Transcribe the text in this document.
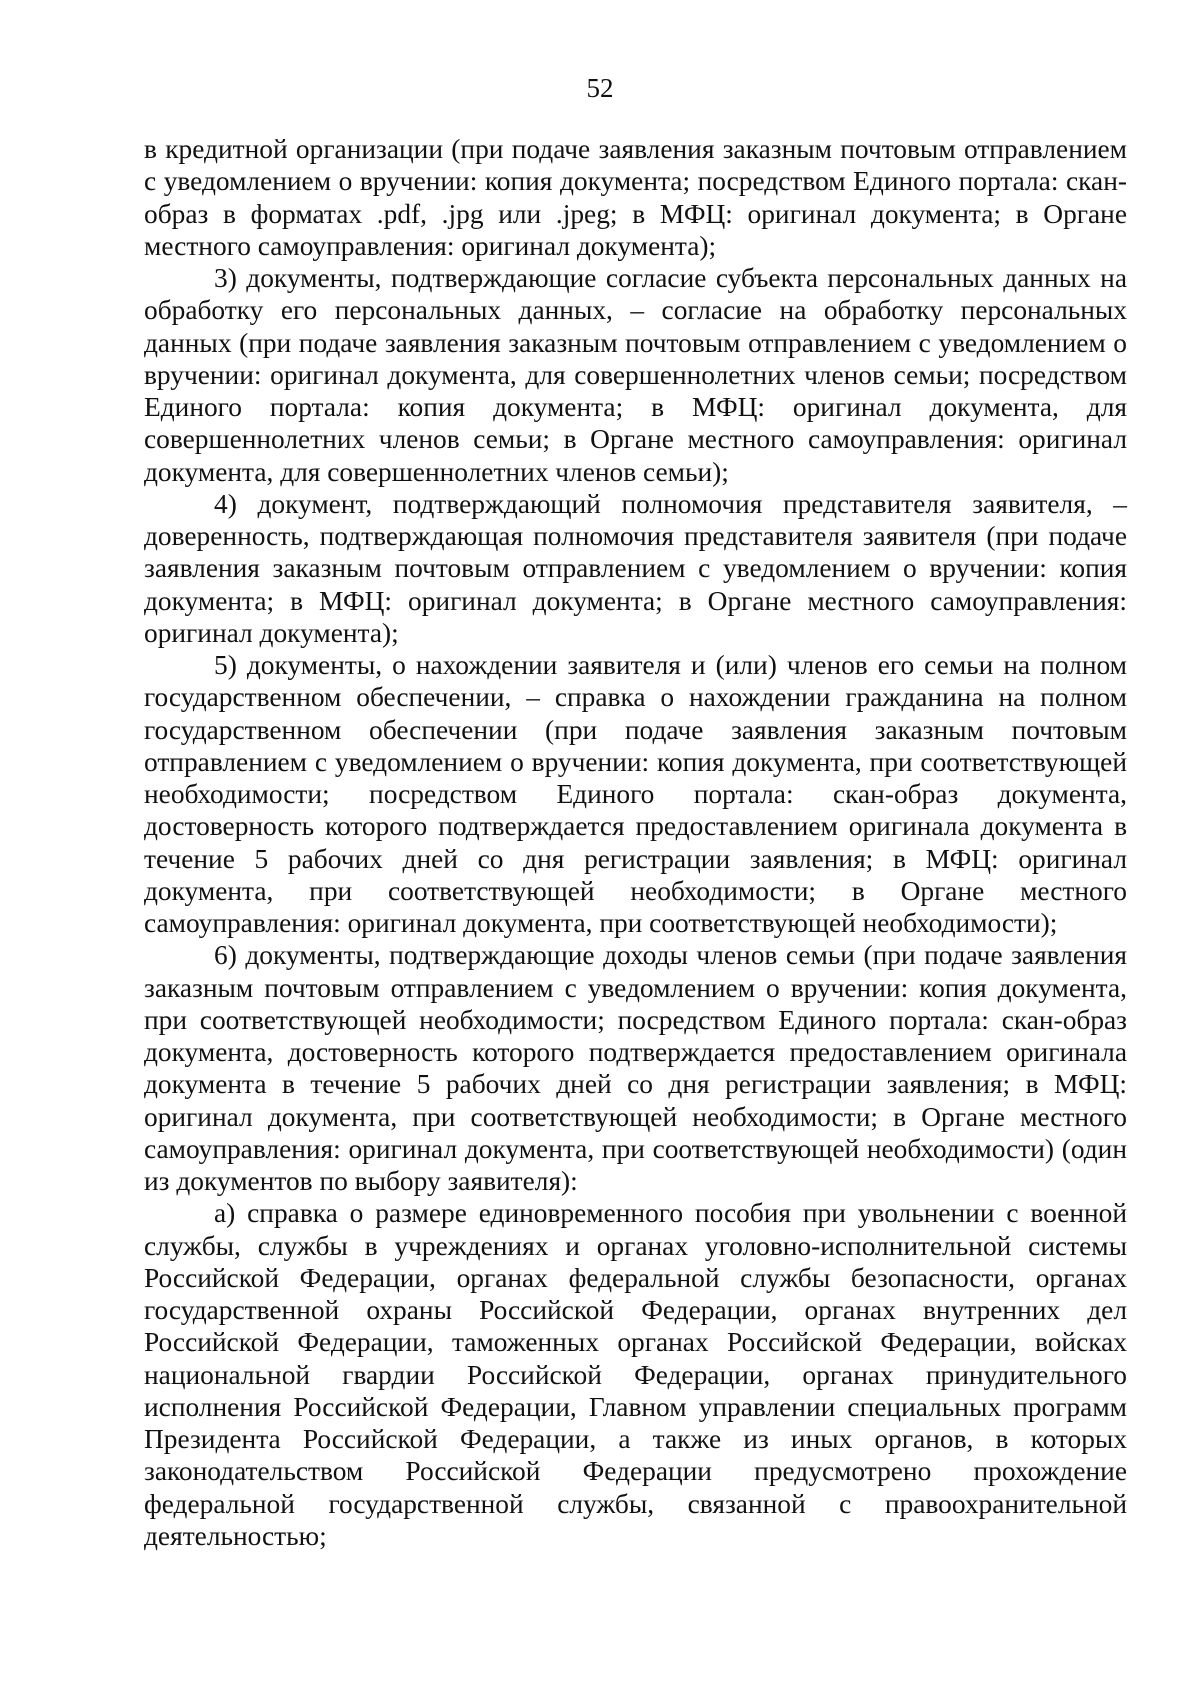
52

в кредитной организации (при подаче заявления заказным почтовым отправлением с уведомлением о вручении: копия документа; посредством Единого портала: скан-образ в форматах .pdf, .jpg или .jpeg; в МФЦ: оригинал документа; в Органе местного самоуправления: оригинал документа);

3) документы, подтверждающие согласие субъекта персональных данных на обработку его персональных данных, – согласие на обработку персональных данных (при подаче заявления заказным почтовым отправлением с уведомлением о вручении: оригинал документа, для совершеннолетних членов семьи; посредством Единого портала: копия документа; в МФЦ: оригинал документа, для совершеннолетних членов семьи; в Органе местного самоуправления: оригинал документа, для совершеннолетних членов семьи);

4) документ, подтверждающий полномочия представителя заявителя, – доверенность, подтверждающая полномочия представителя заявителя (при подаче заявления заказным почтовым отправлением с уведомлением о вручении: копия документа; в МФЦ: оригинал документа; в Органе местного самоуправления: оригинал документа);

5) документы, о нахождении заявителя и (или) членов его семьи на полном государственном обеспечении, – справка о нахождении гражданина на полном государственном обеспечении (при подаче заявления заказным почтовым отправлением с уведомлением о вручении: копия документа, при соответствующей необходимости; посредством Единого портала: скан-образ документа, достоверность которого подтверждается предоставлением оригинала документа в течение 5 рабочих дней со дня регистрации заявления; в МФЦ: оригинал документа, при соответствующей необходимости; в Органе местного самоуправления: оригинал документа, при соответствующей необходимости);

6) документы, подтверждающие доходы членов семьи (при подаче заявления заказным почтовым отправлением с уведомлением о вручении: копия документа, при соответствующей необходимости; посредством Единого портала: скан-образ документа, достоверность которого подтверждается предоставлением оригинала документа в течение 5 рабочих дней со дня регистрации заявления; в МФЦ: оригинал документа, при соответствующей необходимости; в Органе местного самоуправления: оригинал документа, при соответствующей необходимости) (один из документов по выбору заявителя):

а) справка о размере единовременного пособия при увольнении с военной службы, службы в учреждениях и органах уголовно-исполнительной системы Российской Федерации, органах федеральной службы безопасности, органах государственной охраны Российской Федерации, органах внутренних дел Российской Федерации, таможенных органах Российской Федерации, войсках национальной гвардии Российской Федерации, органах принудительного исполнения Российской Федерации, Главном управлении специальных программ Президента Российской Федерации, а также из иных органов, в которых законодательством Российской Федерации предусмотрено прохождение федеральной государственной службы, связанной с правоохранительной деятельностью;
